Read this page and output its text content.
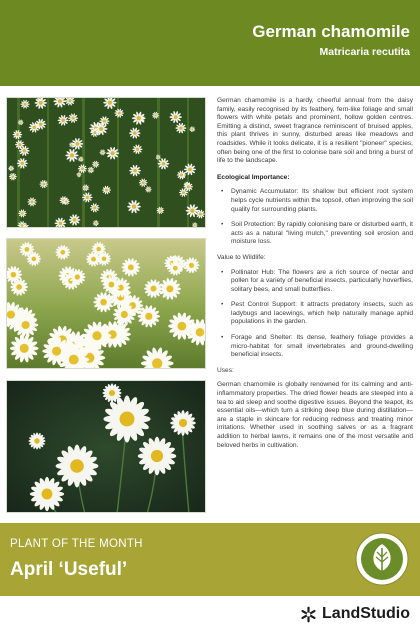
German chamomile
Matricaria recutita

German chamomile is a hardy, cheerful annual from the daisy family, easily recognised by its feathery, fern-like foliage and small flowers with white petals and prominent, hollow golden centres. Emitting a distinct, sweet fragrance reminiscent of bruised apples, this plant thrives in sunny, disturbed areas like meadows and roadsides. While it looks delicate, it is a resilient "pioneer" species, often being one of the first to colonise bare soil and bring a burst of life to the landscape.

Ecological Importance:

• Dynamic Accumulator: Its shallow but efficient root system helps cycle nutrients within the topsoil, often improving the soil quality for surrounding plants.
• Soil Protection: By rapidly colonising bare or disturbed earth, it acts as a natural "living mulch," preventing soil erosion and moisture loss.

Value to Wildlife:

• Pollinator Hub: The flowers are a rich source of nectar and pollen for a variety of beneficial insects, particularly hoverflies, solitary bees, and small butterflies.
• Pest Control Support: It attracts predatory insects, such as ladybugs and lacewings, which help naturally manage aphid populations in the garden.
• Forage and Shelter: Its dense, feathery foliage provides a micro-habitat for small invertebrates and ground-dwelling beneficial insects.

Uses:

German chamomile is globally renowned for its calming and anti-inflammatory properties. The dried flower heads are steeped into a tea to aid sleep and soothe digestive issues. Beyond the teapot, its essential oils—which turn a striking deep blue during distillation—are a staple in skincare for reducing redness and treating minor irritations. Whether used in soothing salves or as a fragrant addition to herbal lawns, it remains one of the most versatile and beloved herbs in cultivation.

PLANT OF THE MONTH
April ‘Useful’
LandStudio
